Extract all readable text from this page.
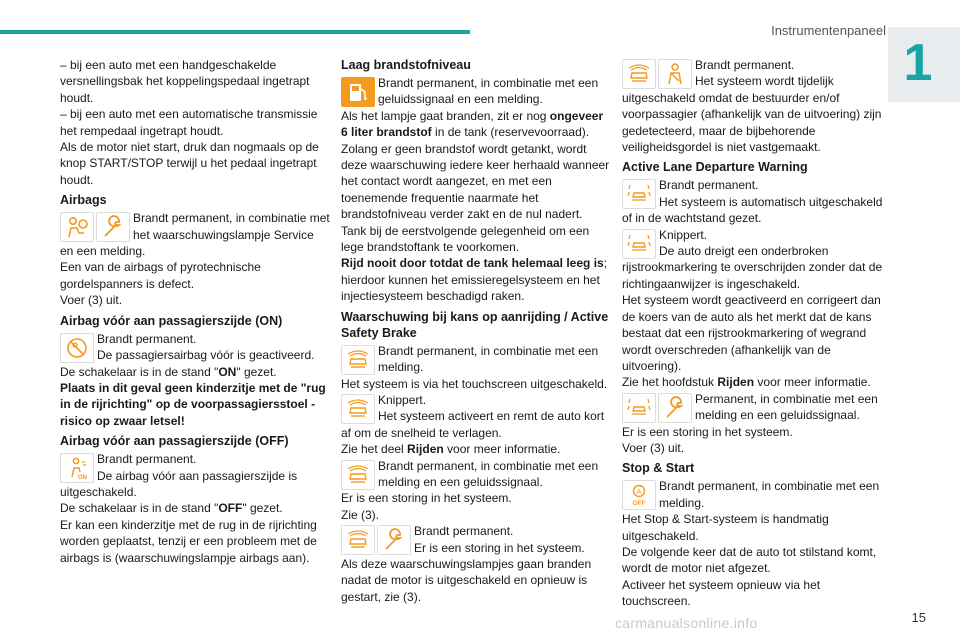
Instrumentenpaneel
1

– bij een auto met een handgeschakelde versnellingsbak het koppelingspedaal ingetrapt houdt.

– bij een auto met een automatische transmissie het rempedaal ingetrapt houdt.

Als de motor niet start, druk dan nogmaals op de knop START/STOP terwijl u het pedaal ingetrapt houdt.

Airbags

Brandt permanent, in combinatie met het waarschuwingslampje Service en een melding.

Een van de airbags of pyrotechnische gordelspanners is defect.

Voer (3) uit.

Airbag vóór aan passagierszijde (ON)

Brandt permanent.

De passagiersairbag vóór is geactiveerd.

De schakelaar is in de stand "ON" gezet.

Plaats in dit geval geen kinderzitje met de "rug in de rijrichting" op de voorpassagiersstoel - risico op zwaar letsel!

Airbag vóór aan passagierszijde (OFF)

Brandt permanent.

De airbag vóór aan passagierszijde is uitgeschakeld.

De schakelaar is in de stand "OFF" gezet.

Er kan een kinderzitje met de rug in de rijrichting worden geplaatst, tenzij er een probleem met de airbags is (waarschuwingslampje airbags aan).

Laag brandstofniveau

Brandt permanent, in combinatie met een geluidssignaal en een melding.

Als het lampje gaat branden, zit er nog ongeveer 6 liter brandstof in de tank (reservevoorraad).

Zolang er geen brandstof wordt getankt, wordt deze waarschuwing iedere keer herhaald wanneer het contact wordt aangezet, en met een toenemende frequentie naarmate het brandstofniveau verder zakt en de nul nadert.

Tank bij de eerstvolgende gelegenheid om een lege brandstoftank te voorkomen.

Rijd nooit door totdat de tank helemaal leeg is; hierdoor kunnen het emissieregelsysteem en het injectiesysteem beschadigd raken.

Waarschuwing bij kans op aanrijding / Active Safety Brake

Brandt permanent, in combinatie met een melding.

Het systeem is via het touchscreen uitgeschakeld.

Knippert.

Het systeem activeert en remt de auto kort af om de snelheid te verlagen.

Zie het deel Rijden voor meer informatie.

Brandt permanent, in combinatie met een melding en een geluidssignaal.

Er is een storing in het systeem.

Zie (3).

Brandt permanent.

Er is een storing in het systeem.

Als deze waarschuwingslampjes gaan branden nadat de motor is uitgeschakeld en opnieuw is gestart, zie (3).

Brandt permanent.

Het systeem wordt tijdelijk uitgeschakeld omdat de bestuurder en/of voorpassagier (afhankelijk van de uitvoering) zijn gedetecteerd, maar de bijbehorende veiligheidsgordel is niet vastgemaakt.

Active Lane Departure Warning

Brandt permanent.

Het systeem is automatisch uitgeschakeld of in de wachtstand gezet.

Knippert.

De auto dreigt een onderbroken rijstrookmarkering te overschrijden zonder dat de richtingaanwijzer is ingeschakeld.

Het systeem wordt geactiveerd en corrigeert dan de koers van de auto als het merkt dat de kans bestaat dat een rijstrookmarkering of wegrand wordt overschreden (afhankelijk van de uitvoering).

Zie het hoofdstuk Rijden voor meer informatie.

Permanent, in combinatie met een melding en een geluidssignaal.

Er is een storing in het systeem.

Voer (3) uit.

Stop & Start
A
OFF

Brandt permanent, in combinatie met een melding.

Het Stop & Start-systeem is handmatig uitgeschakeld.

De volgende keer dat de auto tot stilstand komt, wordt de motor niet afgezet.

Activeer het systeem opnieuw via het touchscreen.

carmanualsonline.info	15
